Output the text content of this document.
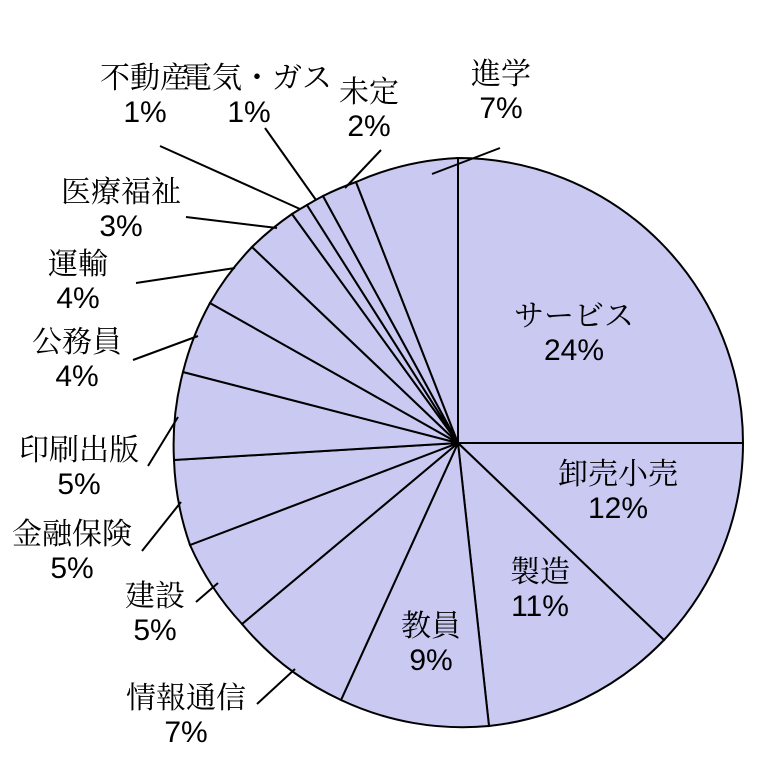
不動産
1%
電気・ガス
1%
未定
2%
進学
7%
医療福祉
3%
運輸
4%
公務員
4%
印刷出版
5%
金融保険
5%
建設
5%
情報通信
7%
サービス
24%
卸売小売
12%
製造
11%
教員
9%
